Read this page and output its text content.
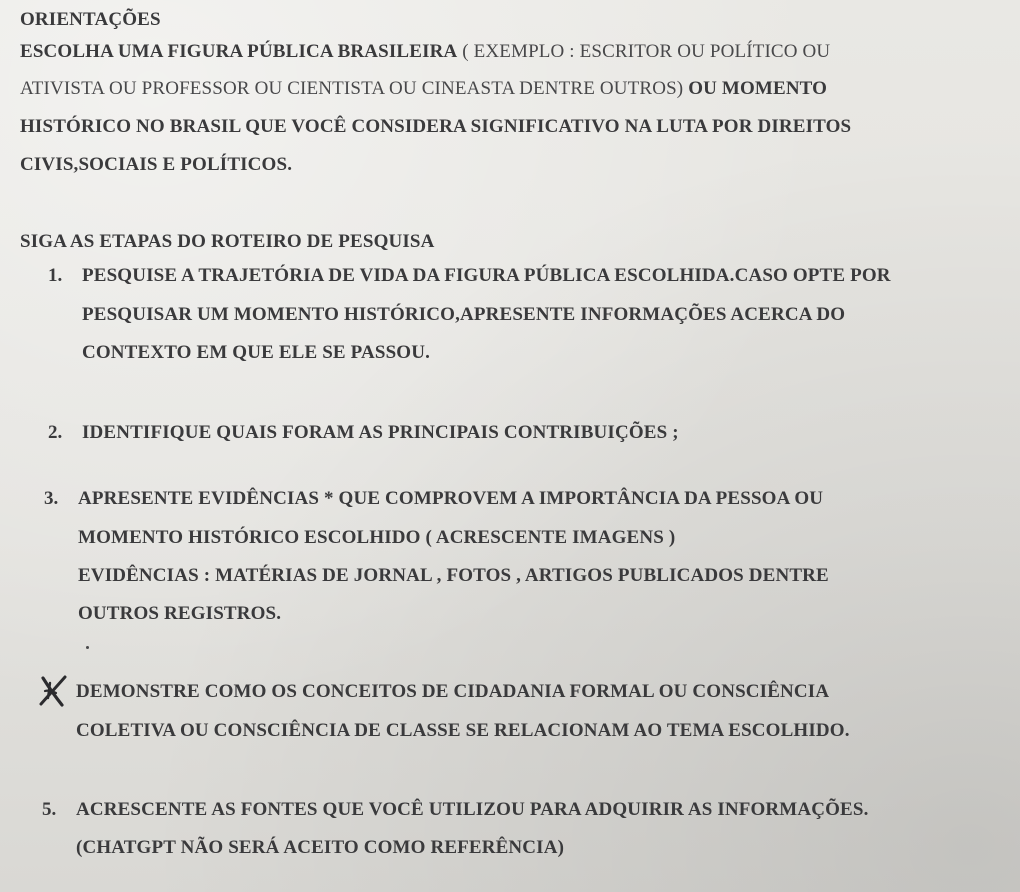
ORIENTAÇÕES
ESCOLHA UMA FIGURA PÚBLICA BRASILEIRA ( EXEMPLO : ESCRITOR OU POLÍTICO OU
ATIVISTA OU PROFESSOR OU CIENTISTA OU CINEASTA DENTRE OUTROS) OU MOMENTO
HISTÓRICO NO BRASIL QUE VOCÊ CONSIDERA SIGNIFICATIVO NA LUTA POR DIREITOS
CIVIS,SOCIAIS E POLÍTICOS.
SIGA AS ETAPAS DO ROTEIRO DE PESQUISA
1. PESQUISE A TRAJETÓRIA DE VIDA DA FIGURA PÚBLICA ESCOLHIDA.CASO OPTE POR
PESQUISAR UM MOMENTO HISTÓRICO,APRESENTE INFORMAÇÕES ACERCA DO
CONTEXTO EM QUE ELE SE PASSOU.
2. IDENTIFIQUE QUAIS FORAM AS PRINCIPAIS CONTRIBUIÇÕES ;
3. APRESENTE EVIDÊNCIAS * QUE COMPROVEM A IMPORTÂNCIA DA PESSOA OU
MOMENTO HISTÓRICO ESCOLHIDO ( ACRESCENTE IMAGENS )
EVIDÊNCIAS : MATÉRIAS DE JORNAL , FOTOS , ARTIGOS PUBLICADOS DENTRE
OUTROS REGISTROS.
DEMONSTRE COMO OS CONCEITOS DE CIDADANIA FORMAL OU CONSCIÊNCIA
COLETIVA OU CONSCIÊNCIA DE CLASSE SE RELACIONAM AO TEMA ESCOLHIDO.
5. ACRESCENTE AS FONTES QUE VOCÊ UTILIZOU PARA ADQUIRIR AS INFORMAÇÕES.
(CHATGPT NÃO SERÁ ACEITO COMO REFERÊNCIA)
